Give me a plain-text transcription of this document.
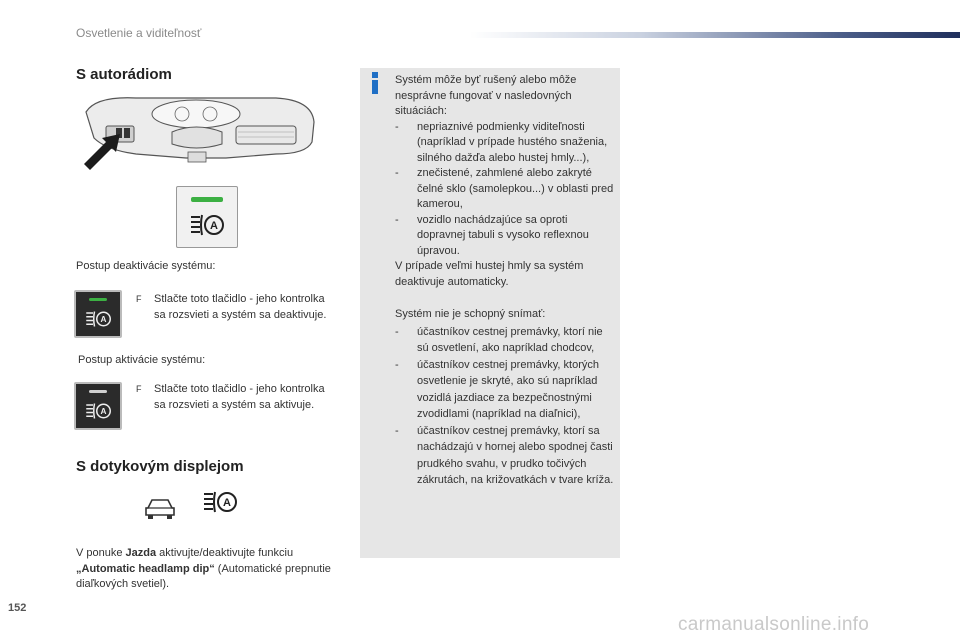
Osvetlenie a viditeľnosť
S autorádiom
A
Postup deaktivácie systému:
A
F Stlačte toto tlačidlo - jeho kontrolka sa rozsvieti a systém sa deaktivuje.
Postup aktivácie systému:
A
F Stlačte toto tlačidlo - jeho kontrolka sa rozsvieti a systém sa aktivuje.
S dotykovým displejom
A
V ponuke Jazda aktivujte/deaktivujte funkciu „Automatic headlamp dip“ (Automatické prepnutie diaľkových svetiel).
Systém môže byť rušený alebo môže nesprávne fungovať v nasledovných situáciách:
- nepriaznivé podmienky viditeľnosti (napríklad v prípade hustého snaženia, silného dažďa alebo hustej hmly...),
- znečistené, zahmlené alebo zakryté čelné sklo (samolepkou...) v oblasti pred kamerou,
- vozidlo nachádzajúce sa oproti dopravnej tabuli s vysoko reflexnou úpravou.
V prípade veľmi hustej hmly sa systém deaktivuje automaticky.
Systém nie je schopný snímať:
- účastníkov cestnej premávky, ktorí nie sú osvetlení, ako napríklad chodcov,
- účastníkov cestnej premávky, ktorých osvetlenie je skryté, ako sú napríklad vozidlá jazdiace za bezpečnostnými zvodidlami (napríklad na diaľnici),
- účastníkov cestnej premávky, ktorí sa nachádzajú v hornej alebo spodnej časti prudkého svahu, v prudko točivých zákrutách, na križovatkách v tvare kríža.
152
carmanualsonline.info
